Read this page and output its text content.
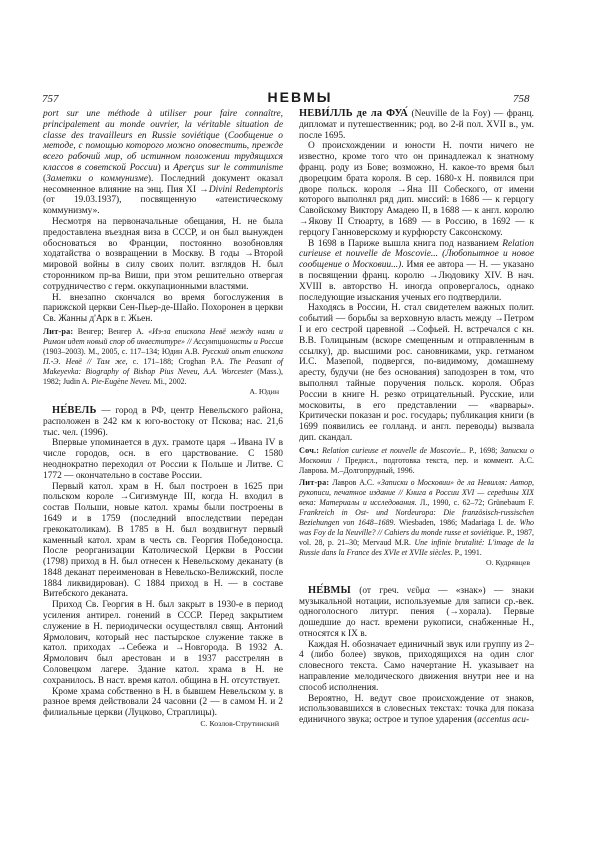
757	НЕВМЫ	758
port sur une méthode à utiliser pour faire connaître, principalement au monde ouvrier, la véritable situation de classe des travailleurs en Russie soviétique (Сообщение о методе, с помощью которого можно оповестить, прежде всего рабочий мир, об истинном положении трудящихся классов в советской России) и Aperçus sur le communisme (Заметки о коммунизме). Последний документ оказал несомненное влияние на энц. Пия XI →Divini Redemptoris (от 19.03.1937), посвященную «атеистическому коммунизму».
Несмотря на первоначальные обещания, Н. не была предоставлена въездная виза в СССР, и он был вынужден обосноваться во Франции, постоянно возобновляя ходатайства о возвращении в Москву. В годы →Второй мировой войны в силу своих полит. взглядов Н. был сторонником пр-ва Виши, при этом решительно отвергая сотрудничество с герм. оккупационными властями.
Н. внезапно скончался во время богослужения в парижской церкви Сен-Пьер-де-Шайо. Похоронен в церкви Св. Жанны д'Арк в г. Жьен.
Лит-ра: Венгер; Венгер А. «Из-за епископа Невё между нами и Римом идет новый спор об инвеституре» // Ассумпционисты и Россия (1903–2003). М., 2005, с. 117–134; Юдин А.В. Русский опыт епископа П.-Э. Невё // Там же, с. 171–188; Croghan P.A. The Peasant of Makeyevka: Biography of Bishop Pius Neveu, A.A. Worcester (Mass.), 1982; Judin A. Pie-Eugène Neveu. Mi., 2002.
А. Юдин
НЕ́ВЕЛЬ — город в РФ, центр Невельского района, расположен в 242 км к юго-востоку от Пскова; нас. 21,6 тыс. чел. (1996).
Впервые упоминается в дух. грамоте царя →Ивана IV в числе городов, осн. в его царствование. С 1580 неоднократно переходил от России к Польше и Литве. С 1772 — окончательно в составе России.
Первый катол. храм в Н. был построен в 1625 при польском короле →Сигизмунде III, когда Н. входил в состав Польши, новые катол. храмы были построены в 1649 и в 1759 (последний впоследствии передан грекокатоликам). В 1785 в Н. был воздвигнут первый каменный катол. храм в честь св. Георгия Победоносца. После реорганизации Католической Церкви в России (1798) приход в Н. был отнесен к Невельскому деканату (в 1848 деканат переименован в Невельско-Велижский, после 1884 ликвидирован). С 1884 приход в Н. — в составе Витебского деканата.
Приход Св. Георгия в Н. был закрыт в 1930-е в период усиления антирел. гонений в СССР. Перед закрытием служение в Н. периодически осуществлял свящ. Антоний Ярмолович, который нес пастырское служение также в катол. приходах →Себежа и →Новгорода. В 1932 А. Ярмолович был арестован и в 1937 расстрелян в Соловецком лагере. Здание катол. храма в Н. не сохранилось. В наст. время катол. община в Н. отсутствует.
Кроме храма собственно в Н. в бывшем Невельском у. в разное время действовали 24 часовни (2 — в самом Н. и 2 филиальные церкви (Луцково, Страплицы).
С. Козлов-Струтинский
НЕВИ́ЛЛЬ де ла ФУА́ (Neuville de la Foy) — франц. дипломат и путешественник; род. во 2-й пол. XVII в., ум. после 1695.
О происхождении и юности Н. почти ничего не известно, кроме того что он принадлежал к знатному франц. роду из Бове; возможно, Н. какое-то время был дворецким брата короля. В сер. 1680-х Н. появился при дворе польск. короля →Яна III Собеского, от имени которого выполнял ряд дип. миссий: в 1686 — к герцогу Савойскому Виктору Амадею II, в 1688 — к англ. королю →Якову II Стюарту, в 1689 — в Россию, в 1692 — к герцогу Ганноверскому и курфюрсту Саксонскому.
В 1698 в Париже вышла книга под названием Relation curieuse et nouvelle de Moscovie... (Любопытное и новое сообщение о Московии...). Имя ее автора — Н. — указано в посвящении франц. королю →Людовику XIV. В нач. XVIII в. авторство Н. иногда опровергалось, однако последующие изыскания ученых его подтвердили.
Находясь в России, Н. стал свидетелем важных полит. событий — борьбы за верховную власть между →Петром I и его сестрой царевной →Софьей. Н. встречался с кн. В.В. Голицыным (вскоре смещенным и отправленным в ссылку), др. высшими рос. сановниками, укр. гетманом И.С. Мазепой, подвергся, по-видимому, домашнему аресту, будучи (не без основания) заподозрен в том, что выполнял тайные поручения польск. короля. Образ России в книге Н. резко отрицательный. Русские, или московиты, в его представлении — «варвары». Критически показан и рос. государь; публикация книги (в 1699 появились ее голланд. и англ. переводы) вызвала дип. скандал.
Соч.: Relation curieuse et nouvelle de Moscovie... P., 1698; Записки о Московии / Предисл., подготовка текста, пер. и коммент. А.С. Лаврова. М.–Долгопрудный, 1996.
Лит-ра: Лавров А.С. «Записки о Московии» де ла Невилля: Автор, рукописи, печатное издание // Книга в России XVI — середины XIX века: Материалы и исследования. Л., 1990, с. 62–72; Grünebaum F. Frankreich in Ost- und Nordeuropa: Die französisch-russischen Beziehungen von 1648–1689. Wiesbaden, 1986; Madariaga I. de. Who was Foy de la Neuville? // Cahiers du monde russe et soviétique. P., 1987, vol. 28, p. 21–30; Mervaud M.R. Une infinie brutalité: L'image de la Russie dans la France des XVIe et XVIIe siècles. P., 1991.
О. Кудрявцев
НЕ́ВМЫ (от греч. νεῦμα — «знак») — знаки музыкальной нотации, используемые для записи ср.-век. одноголосного литург. пения (→хорала). Первые дошедшие до наст. времени рукописи, снабженные Н., относятся к IX в.
Каждая Н. обозначает единичный звук или группу из 2–4 (либо более) звуков, приходящихся на один слог словесного текста. Само начертание Н. указывает на направление мелодического движения внутри нее и на способ исполнения.
Вероятно, Н. ведут свое происхождение от знаков, использовавшихся в словесных текстах: точка для показа единичного звука; острое и тупое ударения (accentus acu-
